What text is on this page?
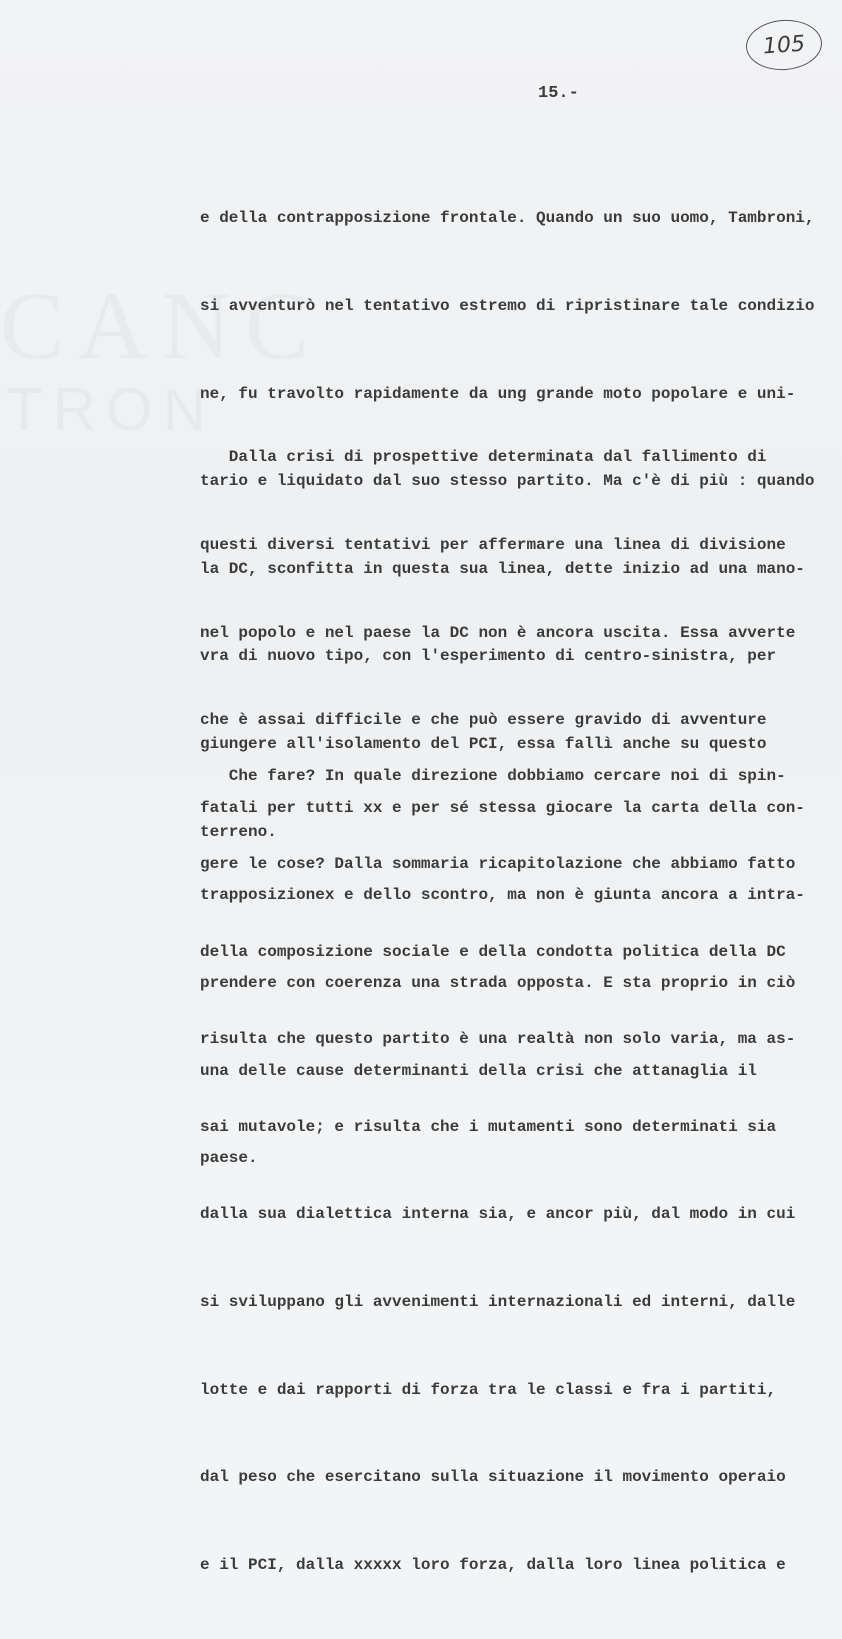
CANC
TRON
105
15.-

e della contrapposizione frontale. Quando un suo uomo, Tambroni,

si avventurò nel tentativo estremo di ripristinare tale condizio

ne, fu travolto rapidamente da ung grande moto popolare e uni-

tario e liquidato dal suo stesso partito. Ma c'è di più : quando

la DC, sconfitta in questa sua linea, dette inizio ad una mano-

vra di nuovo tipo, con l'esperimento di centro-sinistra, per

giungere all'isolamento del PCI, essa fallì anche su questo

terreno.

Dalla crisi di prospettive determinata dal fallimento di

questi diversi tentativi per affermare una linea di divisione

nel popolo e nel paese la DC non è ancora uscita. Essa avverte

che è assai difficile e che può essere gravido di avventure

fatali per tutti xx e per sé stessa giocare la carta della con-

trapposizionex e dello scontro, ma non è giunta ancora a intra-

prendere con coerenza una strada opposta. E sta proprio in ciò

una delle cause determinanti della crisi che attanaglia il

paese.

Che fare? In quale direzione dobbiamo cercare noi di spin-

gere le cose? Dalla sommaria ricapitolazione che abbiamo fatto

della composizione sociale e della condotta politica della DC

risulta che questo partito è una realtà non solo varia, ma as-

sai mutavole; e risulta che i mutamenti sono determinati sia

dalla sua dialettica interna sia, e ancor più, dal modo in cui

si sviluppano gli avvenimenti internazionali ed interni, dalle

lotte e dai rapporti di forza tra le classi e fra i partiti,

dal peso che esercitano sulla situazione il movimento operaio

e il PCI, dalla xxxxx loro forza, dalla loro linea politica e
